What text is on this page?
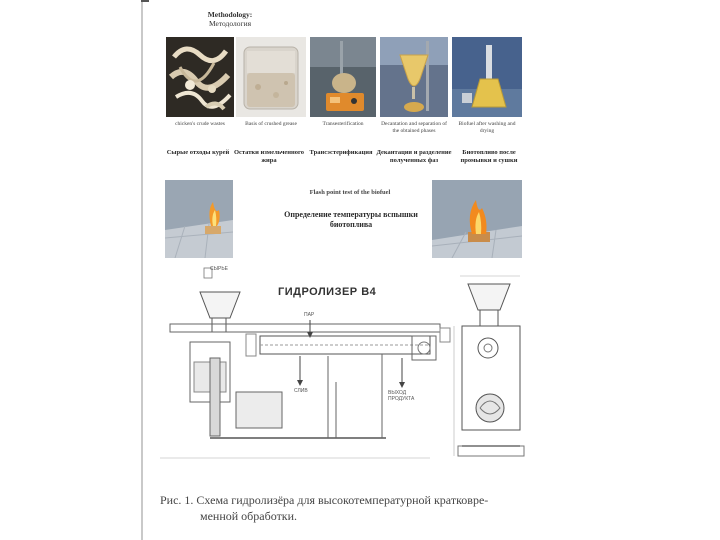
Methodology:
Методология
chicken's crude wastes	Basis of crushed grease	Transesterification	Decantation and separation of the obtained phases
Biofuel after washing and drying
Сырые отходы курей Остатки измельченного жира
Трансэстерификация Декантация и разделение полученных фаз
Биотопливо после промывки и сушки
Flash point test of the biofuel
Определение температуры вспышки биотоплива
ГИДРОЛИЗЕР В4
СЫРЬЕ
ПАР
СЛИВ	ВЫХОД ПРОДУКТА
Рис. 1. Схема гидролизёра для высокотемпературной кратковре-
менной обработки.
